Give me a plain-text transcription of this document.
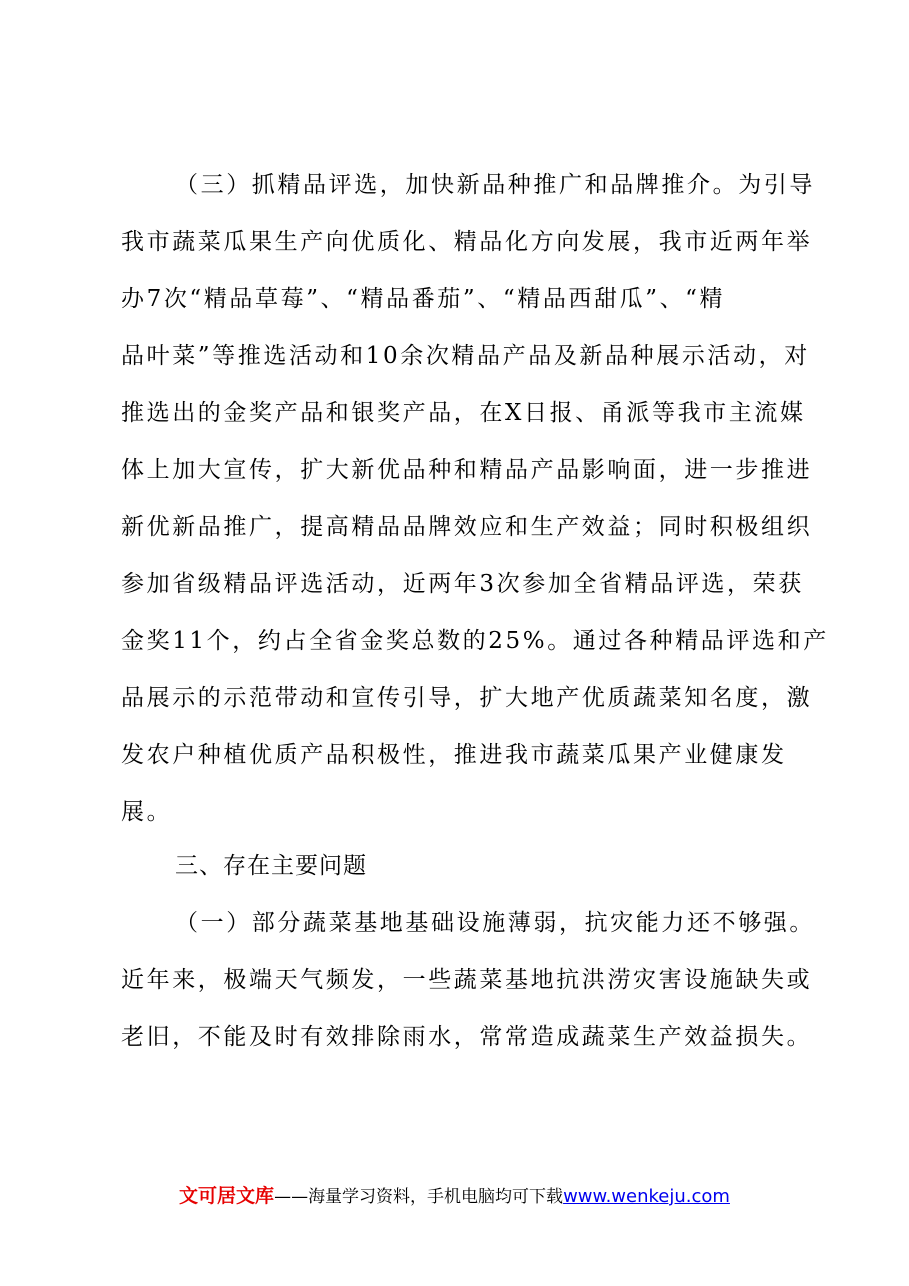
（三）抓精品评选，加快新品种推广和品牌推介。为引导
我市蔬菜瓜果生产向优质化、精品化方向发展，我市近两年举
办7次“精品草莓”、“精品番茄”、“精品西甜瓜”、“精
品叶菜”等推选活动和10余次精品产品及新品种展示活动，对
推选出的金奖产品和银奖产品，在X日报、甬派等我市主流媒
体上加大宣传，扩大新优品种和精品产品影响面，进一步推进
新优新品推广，提高精品品牌效应和生产效益；同时积极组织
参加省级精品评选活动，近两年3次参加全省精品评选，荣获
金奖11个，约占全省金奖总数的25%。通过各种精品评选和产
品展示的示范带动和宣传引导，扩大地产优质蔬菜知名度，激
发农户种植优质产品积极性，推进我市蔬菜瓜果产业健康发
展。
三、存在主要问题
（一）部分蔬菜基地基础设施薄弱，抗灾能力还不够强。
近年来，极端天气频发，一些蔬菜基地抗洪涝灾害设施缺失或
老旧，不能及时有效排除雨水，常常造成蔬菜生产效益损失。
文可居文库——海量学习资料，手机电脑均可下载www.wenkeju.com
